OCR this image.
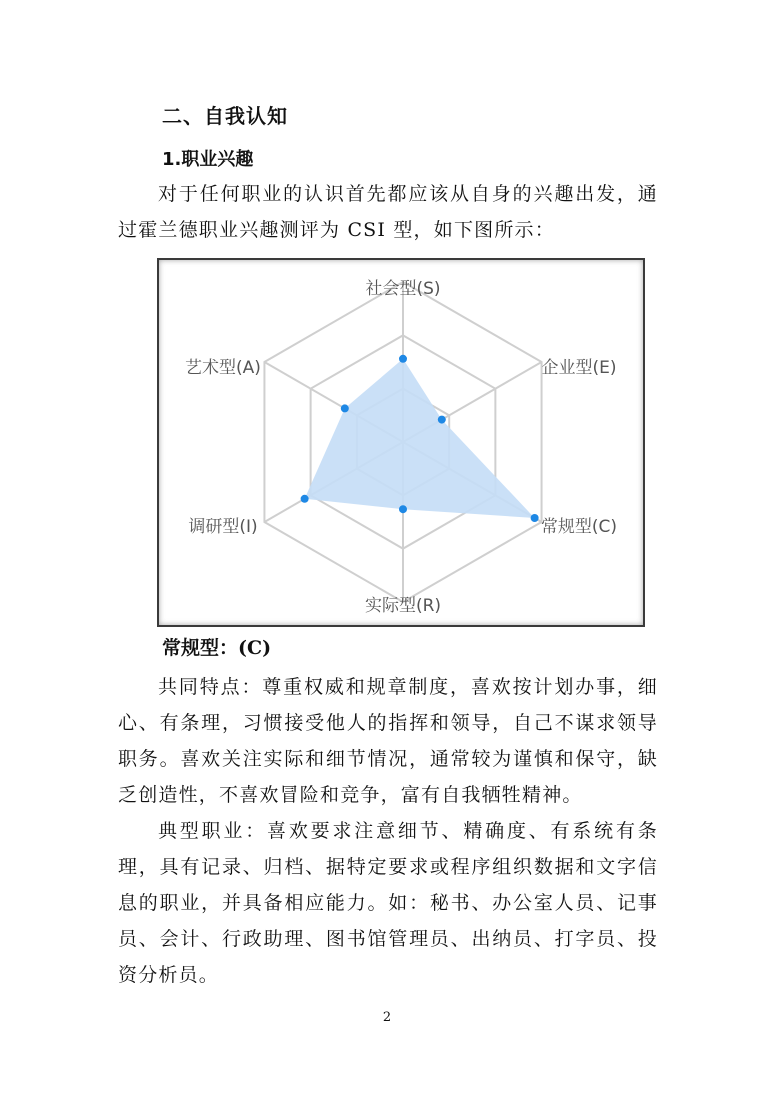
二、自我认知
1.职业兴趣
对于任何职业的认识首先都应该从自身的兴趣出发，通过霍兰德职业兴趣测评为 CSI 型，如下图所示：
社会型(S)
企业型(E)
常规型(C)
实际型(R)
调研型(I)
艺术型(A)
常规型：(C)
共同特点：尊重权威和规章制度，喜欢按计划办事，细心、有条理，习惯接受他人的指挥和领导，自己不谋求领导职务。喜欢关注实际和细节情况，通常较为谨慎和保守，缺乏创造性，不喜欢冒险和竞争，富有自我牺牲精神。
典型职业：喜欢要求注意细节、精确度、有系统有条理，具有记录、归档、据特定要求或程序组织数据和文字信息的职业，并具备相应能力。如：秘书、办公室人员、记事员、会计、行政助理、图书馆管理员、出纳员、打字员、投资分析员。
2
